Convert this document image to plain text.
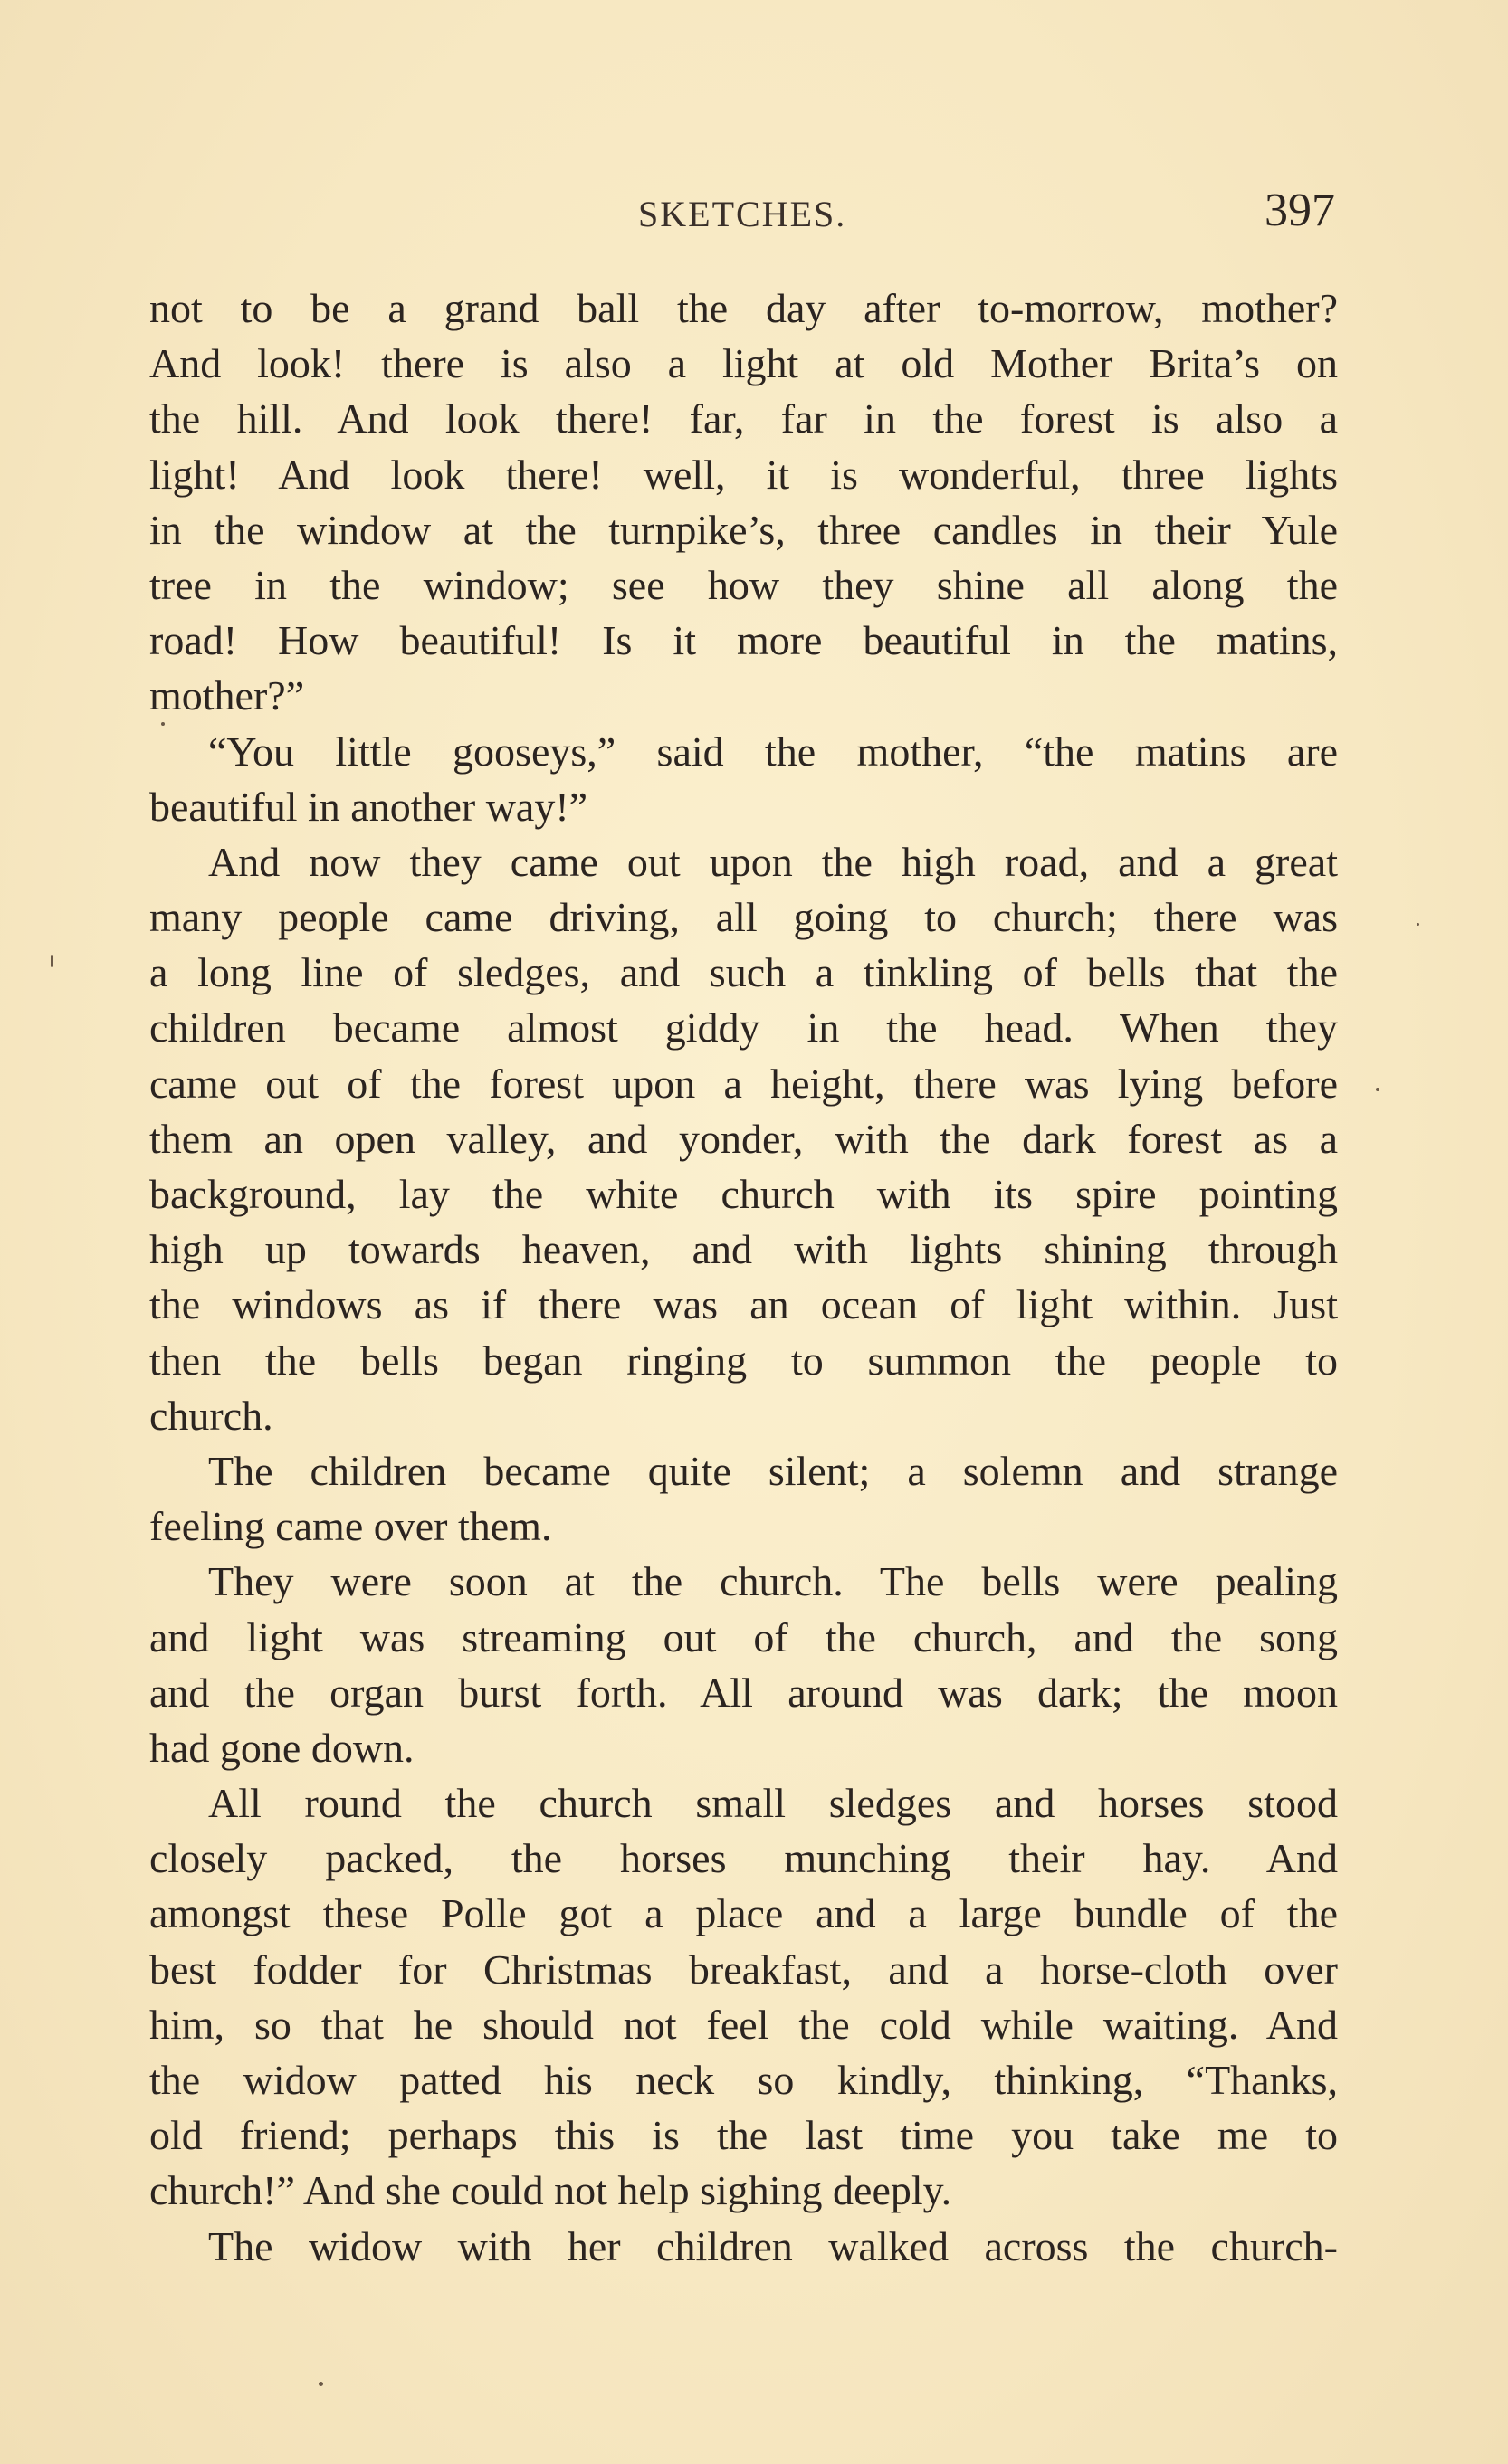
SKETCHES.	397
not to be a grand ball the day after to-morrow, mother?
And look! there is also a light at old Mother Brita’s on
the hill. And look there! far, far in the forest is also a
light! And look there! well, it is wonderful, three lights
in the window at the turnpike’s, three candles in their Yule
tree in the window; see how they shine all along the
road! How beautiful! Is it more beautiful in the matins,
mother?”
“You little gooseys,” said the mother, “the matins are
beautiful in another way!”
And now they came out upon the high road, and a great
many people came driving, all going to church; there was
a long line of sledges, and such a tinkling of bells that the
children became almost giddy in the head. When they
came out of the forest upon a height, there was lying before
them an open valley, and yonder, with the dark forest as a
background, lay the white church with its spire pointing
high up towards heaven, and with lights shining through
the windows as if there was an ocean of light within. Just
then the bells began ringing to summon the people to
church.
The children became quite silent; a solemn and strange
feeling came over them.
They were soon at the church. The bells were pealing
and light was streaming out of the church, and the song
and the organ burst forth. All around was dark; the moon
had gone down.
All round the church small sledges and horses stood
closely packed, the horses munching their hay. And
amongst these Polle got a place and a large bundle of the
best fodder for Christmas breakfast, and a horse-cloth over
him, so that he should not feel the cold while waiting. And
the widow patted his neck so kindly, thinking, “Thanks,
old friend; perhaps this is the last time you take me to
church!” And she could not help sighing deeply.
The widow with her children walked across the church-
